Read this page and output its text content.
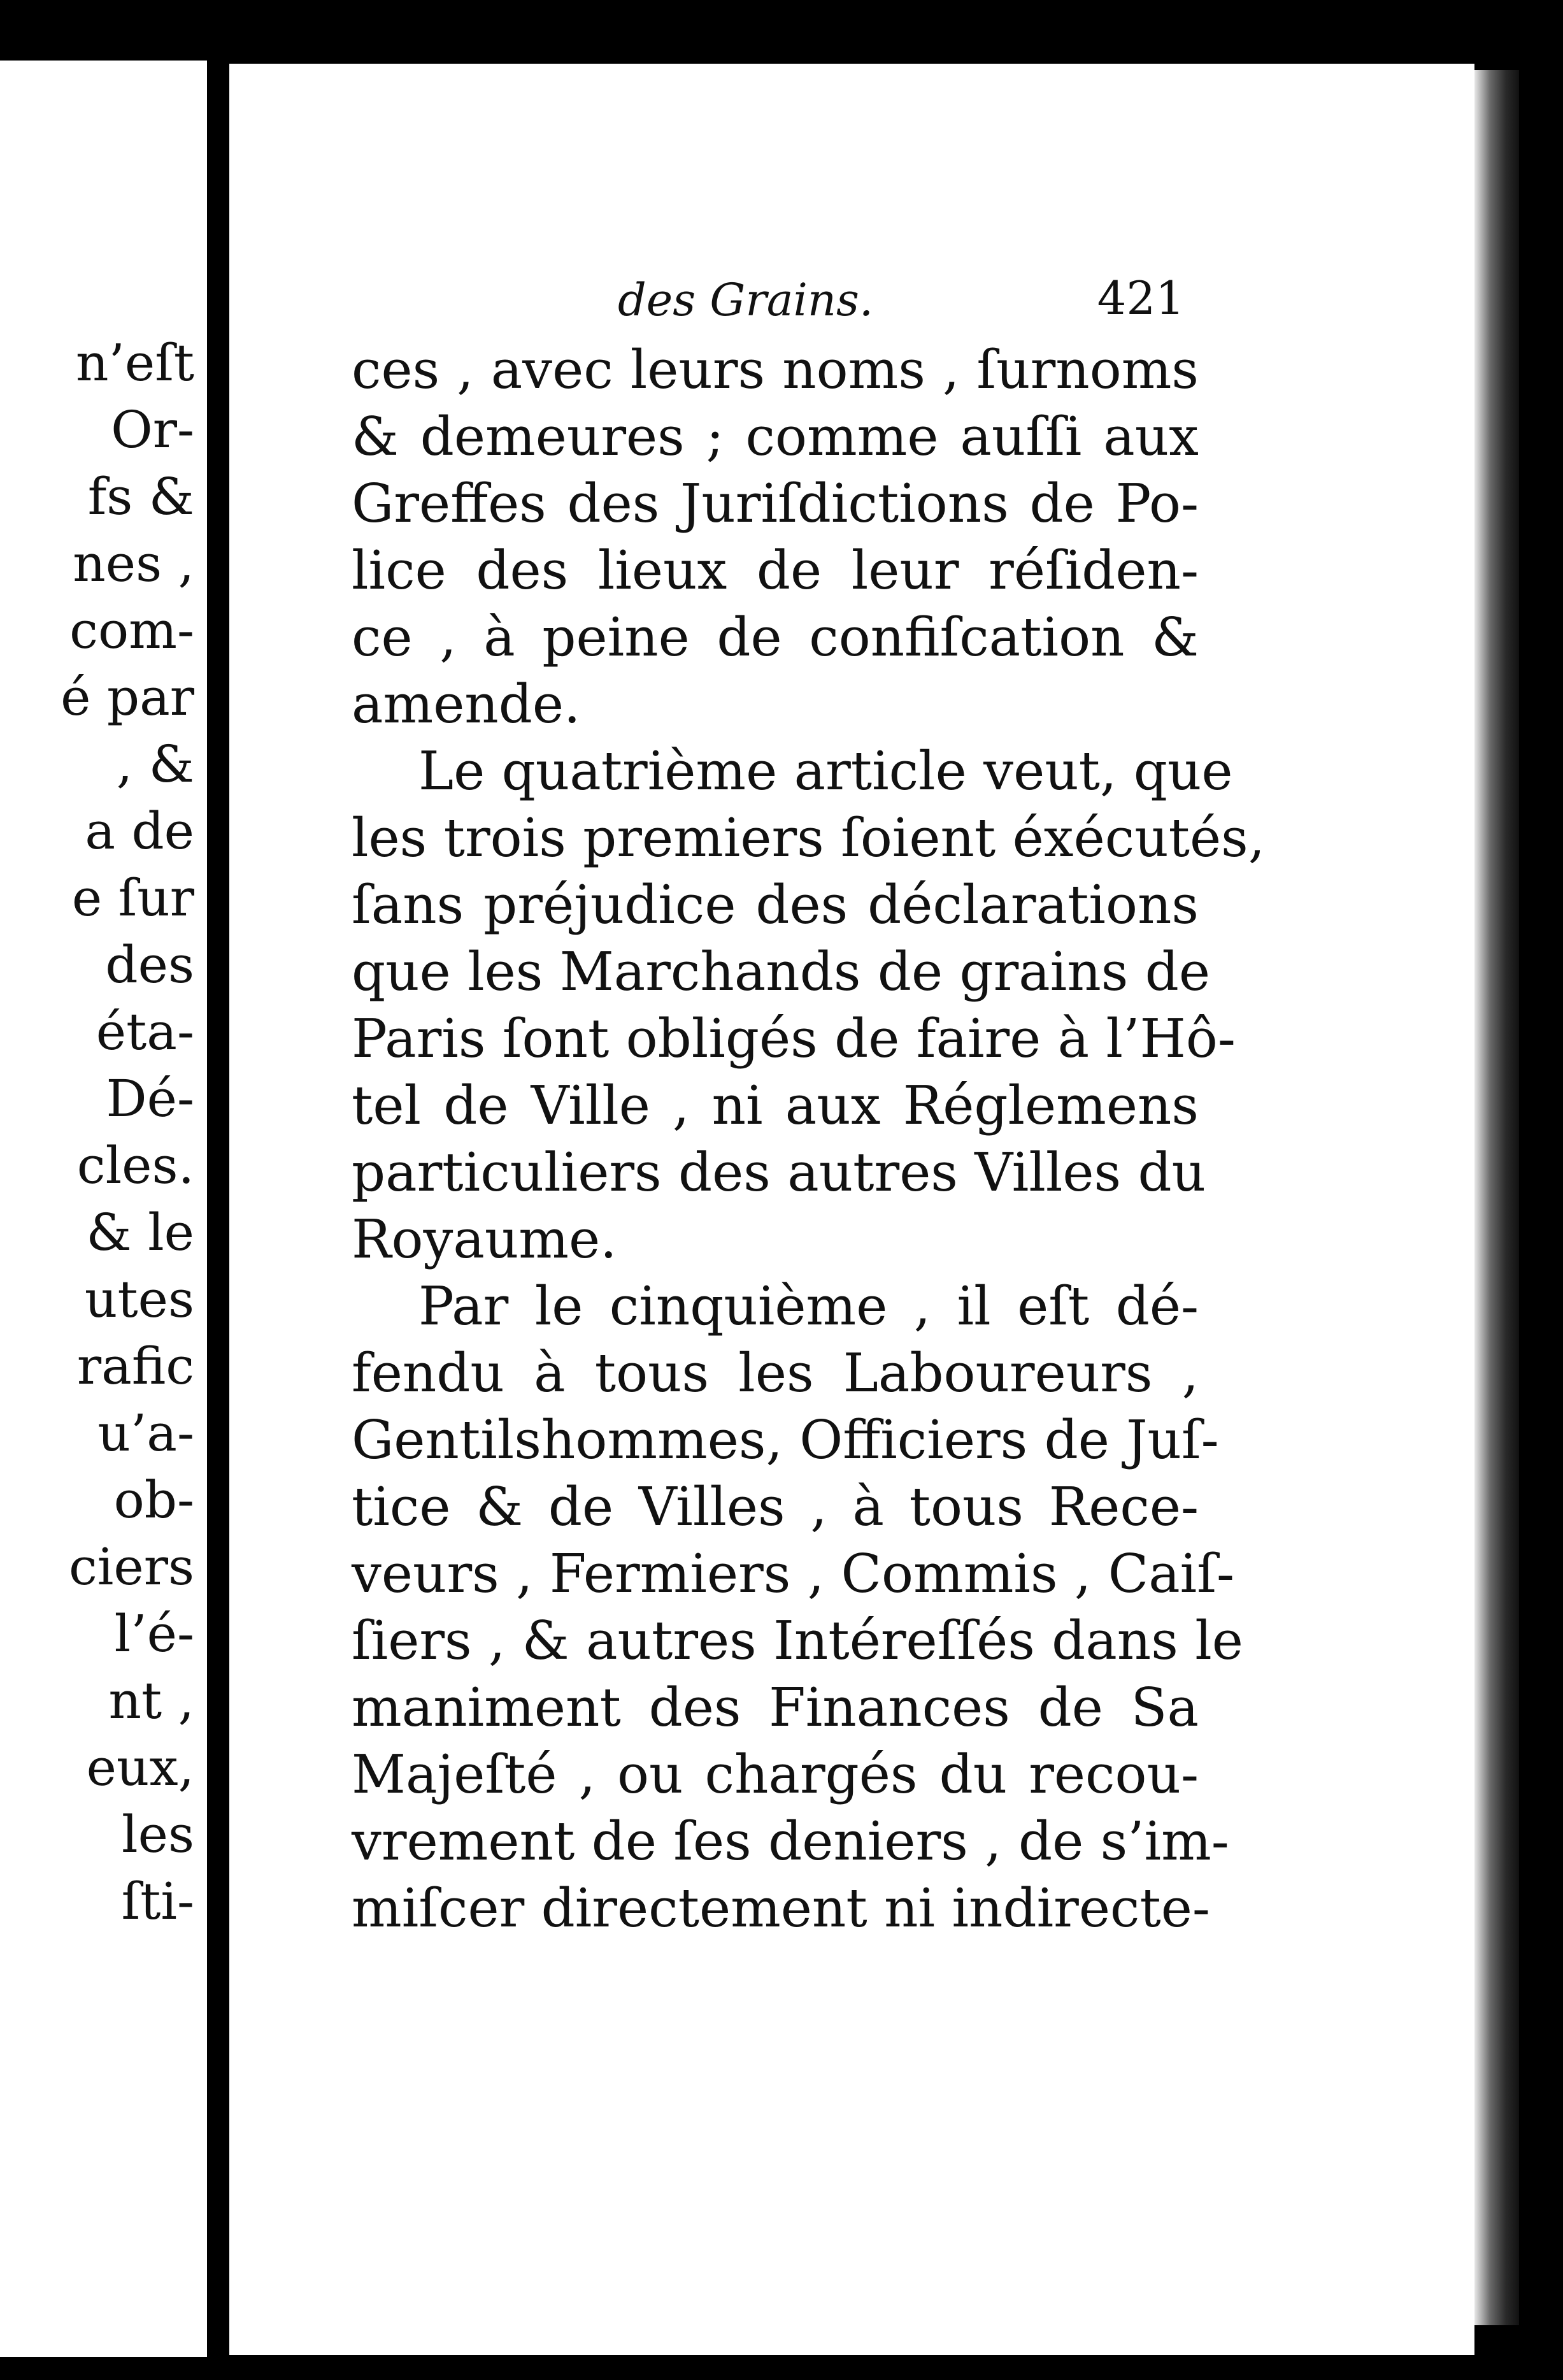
n’eſt
Or-
fs &
nes ,
com-
é par
, &
a de
e ſur
des
éta-
Dé-
cles.
& le
utes
rafic
u’a-
ob-
ciers
l’é-
nt ,
eux,
les
ſti-
des Grains.	421
ces , avec leurs noms , ſurnoms
& demeures ; comme auſſi aux
Greffes des Juriſdictions de Po-
lice des lieux de leur réſiden-
ce , à peine de confiſcation &
amende.
Le quatrième article veut, que
les trois premiers ſoient éxécutés,
ſans préjudice des déclarations
que les Marchands de grains de
Paris ſont obligés de faire à l’Hô-
tel de Ville , ni aux Réglemens
particuliers des autres Villes du
Royaume.
Par le cinquième , il eſt dé-
fendu à tous les Laboureurs ,
Gentilshommes, Officiers de Juſ-
tice & de Villes , à tous Rece-
veurs , Fermiers , Commis , Caiſ-
ſiers , & autres Intéreſſés dans le
maniment des Finances de Sa
Majeſté , ou chargés du recou-
vrement de ſes deniers , de s’im-
miſcer directement ni indirecte-
